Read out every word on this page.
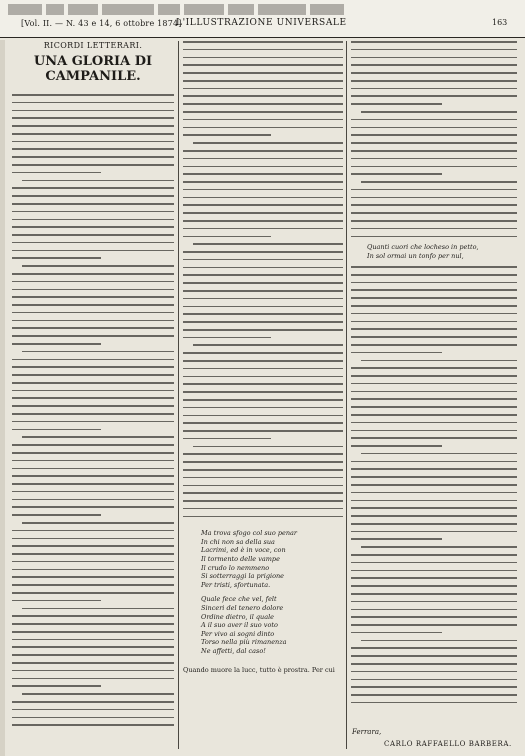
[Vol. II. — N. 43 e 14, 6 ottobre 1874]
L'ILLUSTRAZIONE UNIVERSALE	163
RICORDI LETTERARI.
UNA GLORIA DI CAMPANILE.
Ma trova sfogo col suo penar
In chi non sa della sua
Lacrimi, ed è in voce, con
Il tormento delle vampe
Il crudo lo nemmeno
Si sotterraggi la prigione
Per tristi, sfortunata.
Quale fece che vel, felt
Sinceri del tenero dolore
Ordine dietro, il quale
A il suo aver il suo voto
Per vivo ai sogni dinto
Torso nella più rimanenza
Ne affetti, dal caso!
Quando muore la lucc, tutto è prostra. Per cui
Quanti cuori che locheso in petto,
In sol ormai un tonfo per nul,
Ferrara,
CARLO RAFFAELLO BARBERA.
